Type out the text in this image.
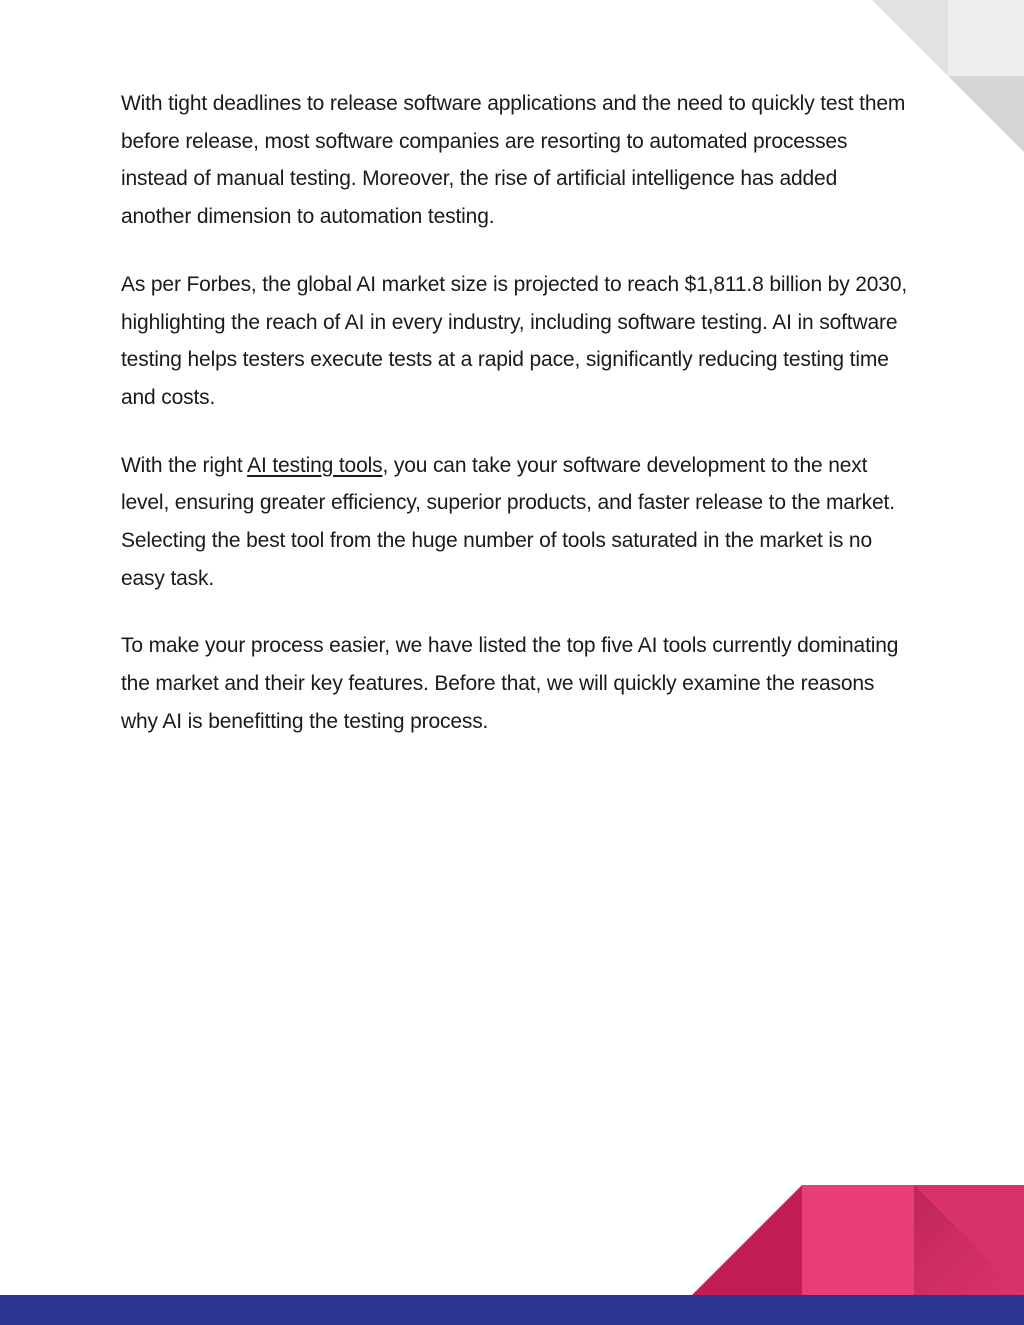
With tight deadlines to release software applications and the need to quickly test them before release, most software companies are resorting to automated processes instead of manual testing. Moreover, the rise of artificial intelligence has added another dimension to automation testing.

As per Forbes, the global AI market size is projected to reach $1,811.8 billion by 2030, highlighting the reach of AI in every industry, including software testing. AI in software testing helps testers execute tests at a rapid pace, significantly reducing testing time and costs.

With the right AI testing tools, you can take your software development to the next level, ensuring greater efficiency, superior products, and faster release to the market. Selecting the best tool from the huge number of tools saturated in the market is no easy task.

To make your process easier, we have listed the top five AI tools currently dominating the market and their key features. Before that, we will quickly examine the reasons why AI is benefitting the testing process.
